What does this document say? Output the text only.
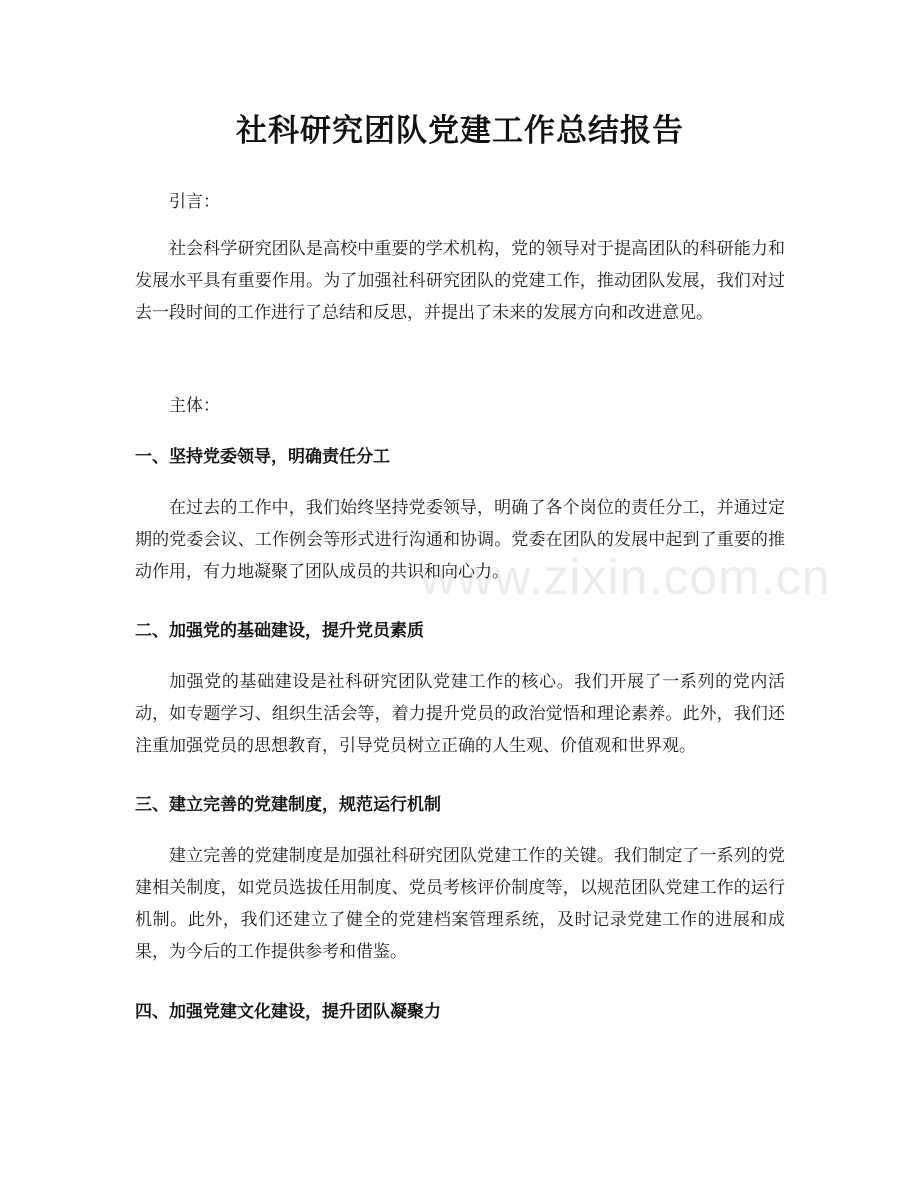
www.zixin.com.cn
社科研究团队党建工作总结报告

引言：

社会科学研究团队是高校中重要的学术机构，党的领导对于提高团队的科研能力和发展水平具有重要作用。为了加强社科研究团队的党建工作，推动团队发展，我们对过去一段时间的工作进行了总结和反思，并提出了未来的发展方向和改进意见。

主体：

一、坚持党委领导，明确责任分工

在过去的工作中，我们始终坚持党委领导，明确了各个岗位的责任分工，并通过定期的党委会议、工作例会等形式进行沟通和协调。党委在团队的发展中起到了重要的推动作用，有力地凝聚了团队成员的共识和向心力。

二、加强党的基础建设，提升党员素质

加强党的基础建设是社科研究团队党建工作的核心。我们开展了一系列的党内活动，如专题学习、组织生活会等，着力提升党员的政治觉悟和理论素养。此外，我们还注重加强党员的思想教育，引导党员树立正确的人生观、价值观和世界观。

三、建立完善的党建制度，规范运行机制

建立完善的党建制度是加强社科研究团队党建工作的关键。我们制定了一系列的党建相关制度，如党员选拔任用制度、党员考核评价制度等，以规范团队党建工作的运行机制。此外，我们还建立了健全的党建档案管理系统，及时记录党建工作的进展和成果，为今后的工作提供参考和借鉴。

四、加强党建文化建设，提升团队凝聚力
